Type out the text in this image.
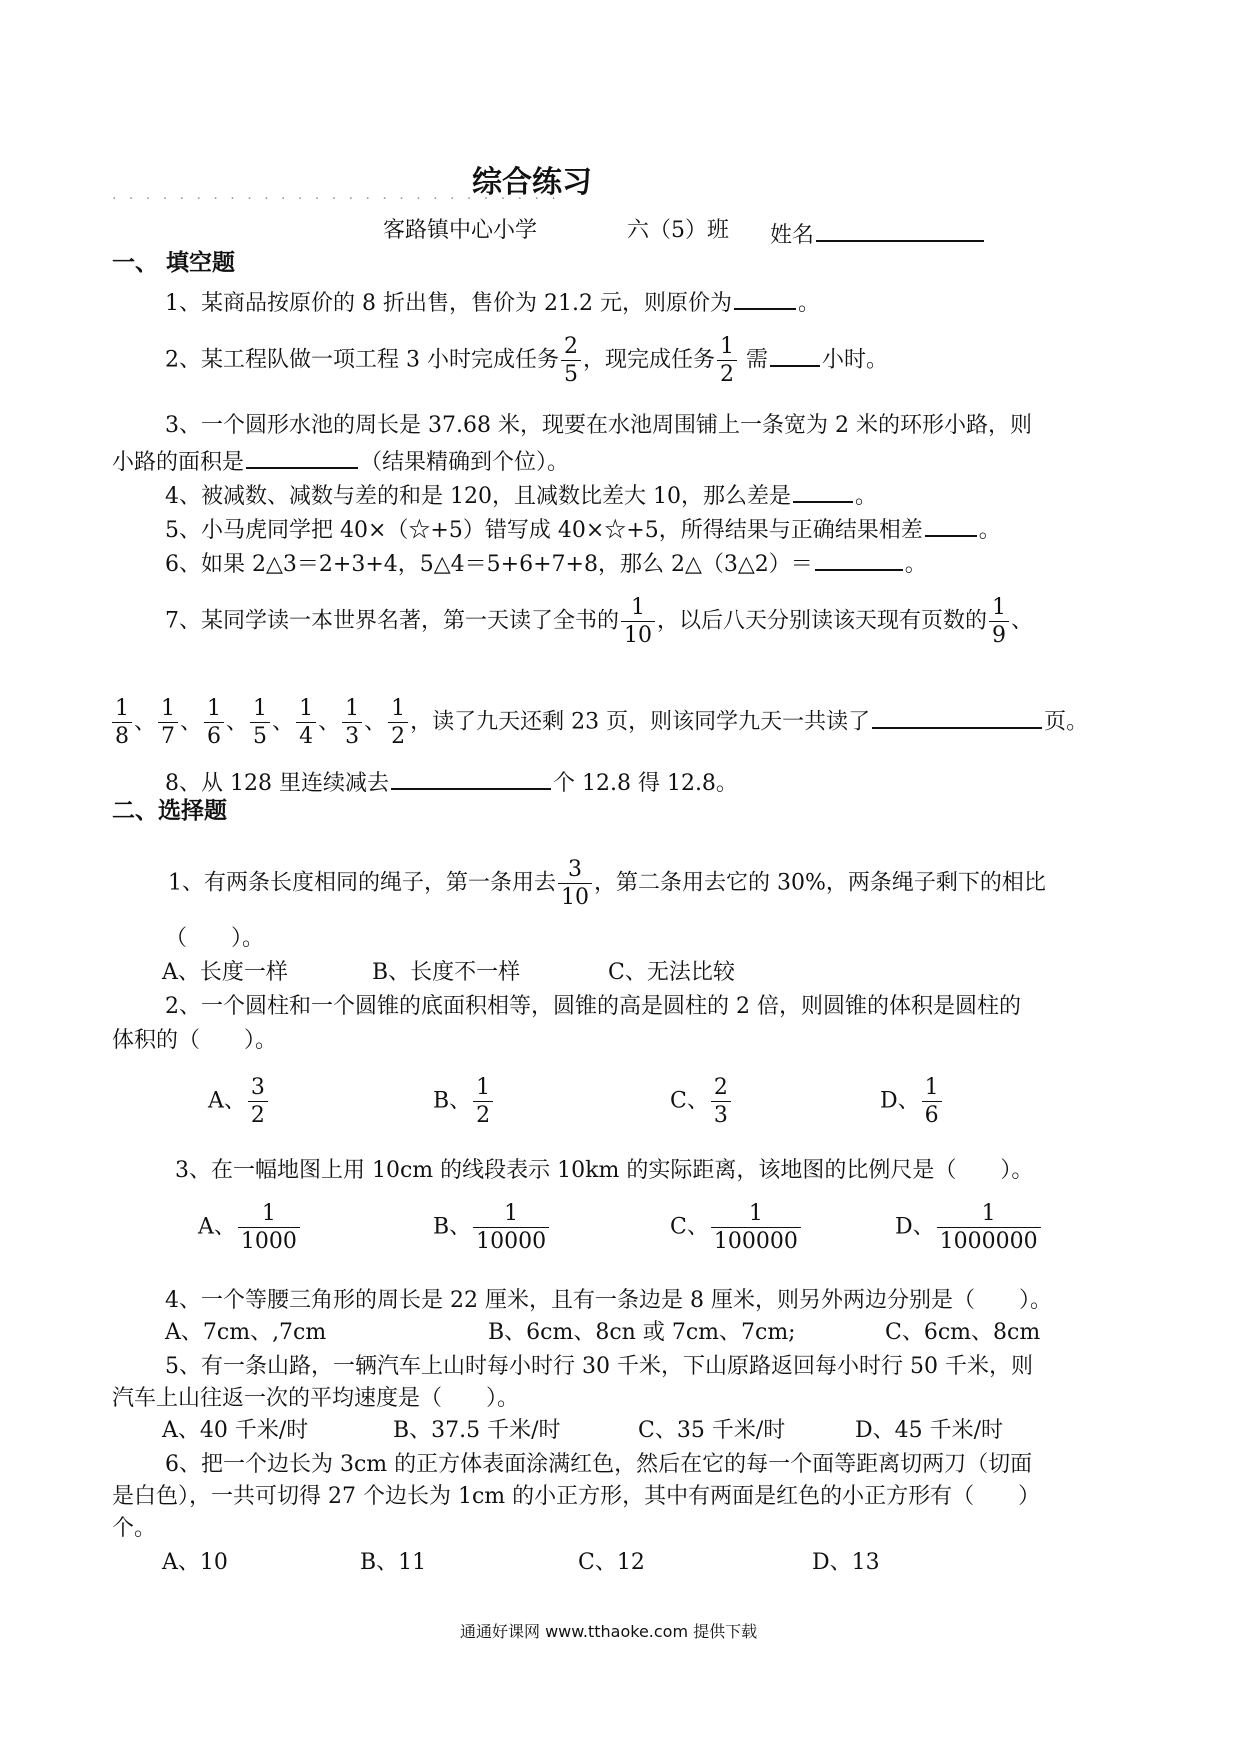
. . . . . . . . . . . . . . . . . . . . . . . . . . .
综合练习
客路镇中心小学	六（5）班 姓名
一、 填空题
1、某商品按原价的 8 折出售，售价为 21.2 元，则原价为	。
2、某工程队做一项工程 3 小时完成任务 $\frac{2}{5}$ ，现完成任务 $\frac{1}{2}$ 需 小时。
3、一个圆形水池的周长是 37.68 米，现要在水池周围铺上一条宽为 2 米的环形小路，则
小路的面积是	（结果精确到个位）。
4、被减数、减数与差的和是 120，且减数比差大 10，那么差是	。
5、小马虎同学把 40×（☆+5）错写成 40×☆+5，所得结果与正确结果相差	。
6、如果 2△3＝2+3+4，5△4＝5+6+7+8，那么 2△（3△2）＝	。
7、某同学读一本世界名著，第一天读了全书的 $\frac{1}{10}$ ，以后八天分别读该天现有页数的 $\frac{1}{9}$ 、
$\frac{1}{8}$ 、 $\frac{1}{7}$ 、 $\frac{1}{6}$ 、 $\frac{1}{5}$ 、 $\frac{1}{4}$ 、 $\frac{1}{3}$ 、 $\frac{1}{2}$ ，读了九天还剩 23 页，则该同学九天一共读了	页。
8、从 128 里连续减去	个 12.8 得 12.8。
二、选择题
1、有两条长度相同的绳子，第一条用去 $\frac{3}{10}$ ，第二条用去它的 30%，两条绳子剩下的相比
（　　）。
A、长度一样	B、长度不一样	C、无法比较
2、一个圆柱和一个圆锥的底面积相等，圆锥的高是圆柱的 2 倍，则圆锥的体积是圆柱的
体积的（　　）。
A、 $\frac{3}{2}$	B、 $\frac{1}{2}$	C、 $\frac{2}{3}$	D、 $\frac{1}{6}$
3、在一幅地图上用 10cm 的线段表示 10km 的实际距离，该地图的比例尺是（　　）。
A、 $\frac{1}{1000}$	B、 $\frac{1}{10000}$	C、 $\frac{1}{100000}$	D、 $\frac{1}{1000000}$
4、一个等腰三角形的周长是 22 厘米，且有一条边是 8 厘米，则另外两边分别是（　　）。
A、7cm、,7cm	B、6cm、8cn 或 7cm、7cm;	C、6cm、8cm
5、有一条山路，一辆汽车上山时每小时行 30 千米，下山原路返回每小时行 50 千米，则
汽车上山往返一次的平均速度是（　　）。
A、40 千米/时	B、37.5 千米/时	C、35 千米/时	D、45 千米/时
6、把一个边长为 3cm 的正方体表面涂满红色，然后在它的每一个面等距离切两刀（切面
是白色），一共可切得 27 个边长为 1cm 的小正方形，其中有两面是红色的小正方形有（　　）
个。
A、10	B、11	C、12	D、13
通通好课网 www.tthaoke.com 提供下载
